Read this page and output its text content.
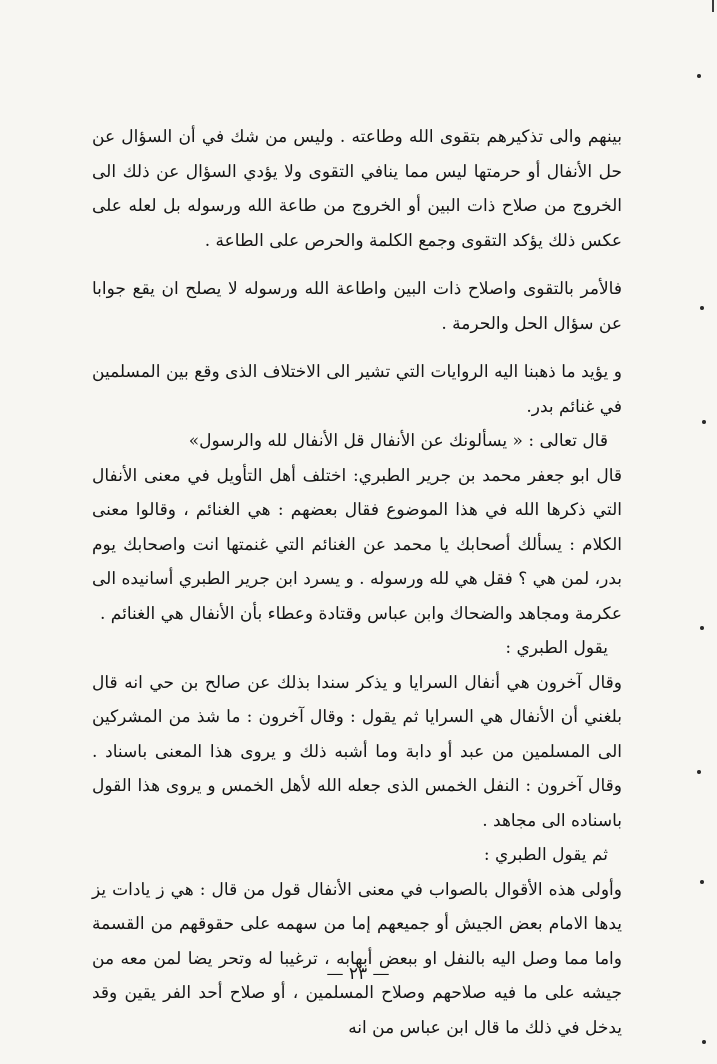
بينهم والى تذكيرهم بتقوى الله وطاعته . وليس من شك في أن السؤال عن حل الأنفال أو حرمتها ليس مما ينافي التقوى ولا يؤدي السؤال عن ذلك الى الخروج من صلاح ذات البين أو الخروج من طاعة الله ورسوله بل لعله على عكس ذلك يؤكد التقوى وجمع الكلمة والحرص على الطاعة .

فالأمر بالتقوى واصلاح ذات البين واطاعة الله ورسوله لا يصلح ان يقع جوابا عن سؤال الحل والحرمة .

و يؤيد ما ذهبنا اليه الروايات التي تشير الى الاختلاف الذى وقع بين المسلمين في غنائم بدر.

قال تعالى : « يسألونك عن الأنفال قل الأنفال لله والرسول»

قال ابو جعفر محمد بن جرير الطبري: اختلف أهل التأويل في معنى الأنفال التي ذكرها الله في هذا الموضوع فقال بعضهم : هي الغنائم ، وقالوا معنى الكلام : يسألك أصحابك يا محمد عن الغنائم التي غنمتها انت واصحابك يوم بدر، لمن هي ؟ فقل هي لله ورسوله . و يسرد ابن جرير الطبري أسانيده الى عكرمة ومجاهد والضحاك وابن عباس وقتادة وعطاء بأن الأنفال هي الغنائم .

يقول الطبري :

وقال آخرون هي أنفال السرايا و يذكر سندا بذلك عن صالح بن حي انه قال بلغني أن الأنفال هي السرايا ثم يقول : وقال آخرون : ما شذ من المشركين الى المسلمين من عبد أو دابة وما أشبه ذلك و يروى هذا المعنى باسناد . وقال آخرون : النفل الخمس الذى جعله الله لأهل الخمس و يروى هذا القول باسناده الى مجاهد .

ثم يقول الطبري :

وأولى هذه الأقوال بالصواب في معنى الأنفال قول من قال : هي ز يادات يز يدها الامام بعض الجيش أو جميعهم إما من سهمه على حقوقهم من القسمة واما مما وصل اليه بالنفل او ببعض أبهابه ، ترغيبا له وتحر يضا لمن معه من جيشه على ما فيه صلاحهم وصلاح المسلمين ، أو صلاح أحد الفر يقين وقد يدخل في ذلك ما قال ابن عباس من انه

— ٢٣ —
